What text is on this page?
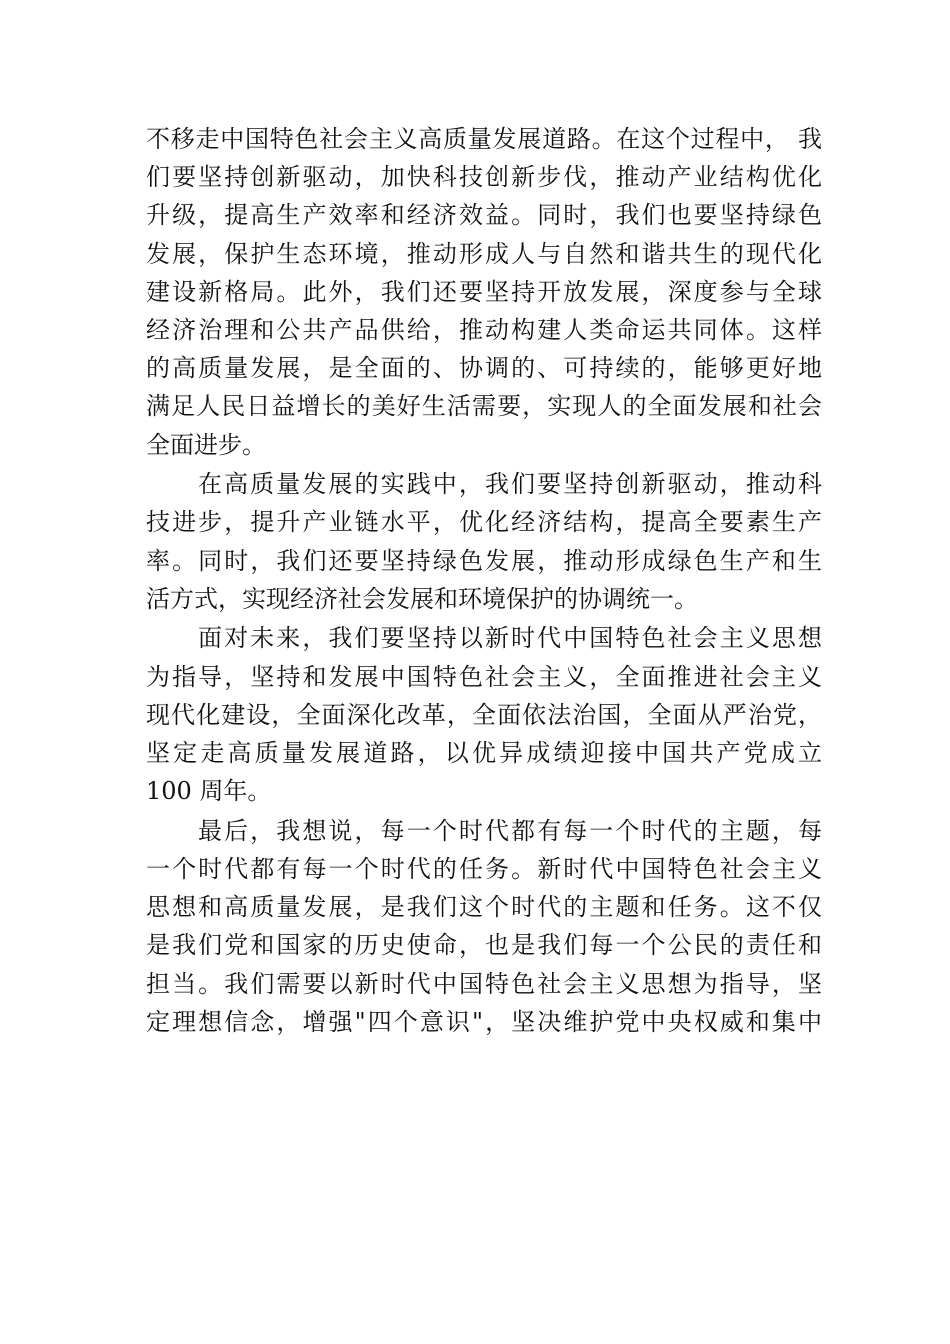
不移走中国特色社会主义高质量发展道路。在这个过程中， 我
们要坚持创新驱动，加快科技创新步伐，推动产业结构优化
升级，提高生产效率和经济效益。同时，我们也要坚持绿色
发展，保护生态环境，推动形成人与自然和谐共生的现代化
建设新格局。此外，我们还要坚持开放发展，深度参与全球
经济治理和公共产品供给，推动构建人类命运共同体。这样
的高质量发展，是全面的、协调的、可持续的，能够更好地
满足人民日益增长的美好生活需要，实现人的全面发展和社会
全面进步。
在高质量发展的实践中，我们要坚持创新驱动，推动科
技进步，提升产业链水平，优化经济结构，提高全要素生产
率。同时，我们还要坚持绿色发展，推动形成绿色生产和生
活方式，实现经济社会发展和环境保护的协调统一。
面对未来，我们要坚持以新时代中国特色社会主义思想
为指导，坚持和发展中国特色社会主义，全面推进社会主义
现代化建设，全面深化改革，全面依法治国，全面从严治党，
坚定走高质量发展道路，以优异成绩迎接中国共产党成立
100 周年。
最后，我想说，每一个时代都有每一个时代的主题，每
一个时代都有每一个时代的任务。新时代中国特色社会主义
思想和高质量发展，是我们这个时代的主题和任务。这不仅
是我们党和国家的历史使命，也是我们每一个公民的责任和
担当。我们需要以新时代中国特色社会主义思想为指导，坚
定理想信念，增强"四个意识"，坚决维护党中央权威和集中
